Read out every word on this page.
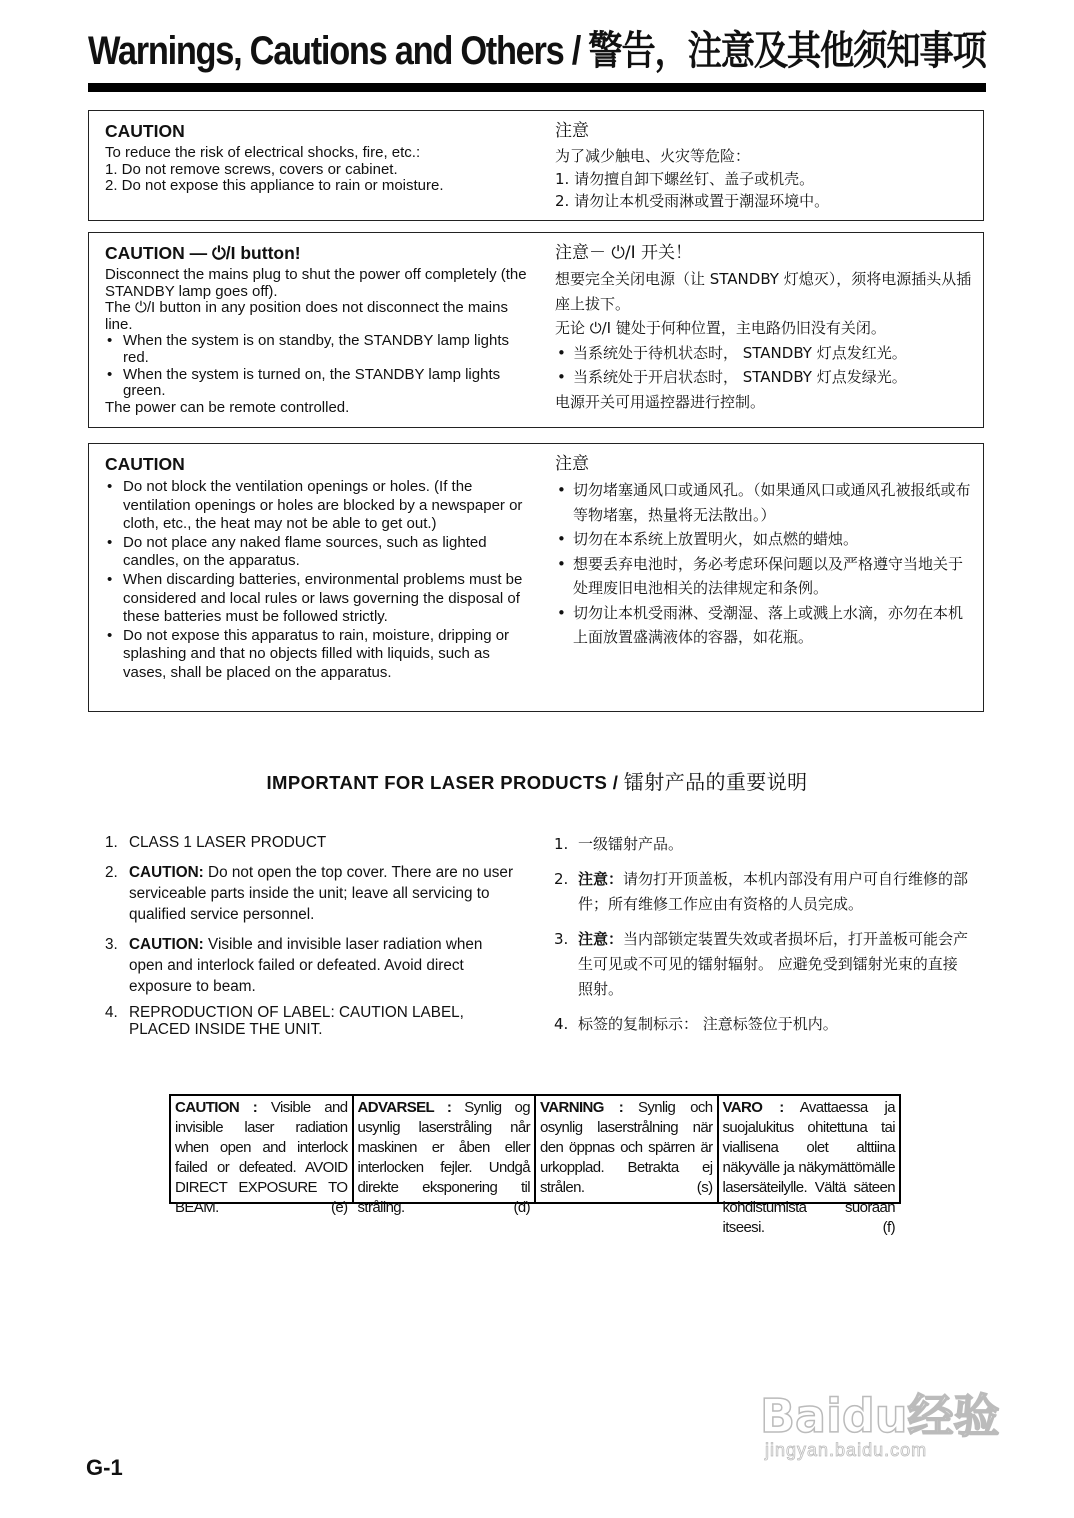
Warnings, Cautions and Others / 警告，注意及其他须知事项
CAUTION

To reduce the risk of electrical shocks, fire, etc.:

1. Do not remove screws, covers or cabinet.

2. Do not expose this appliance to rain or moisture.

注意

为了减少触电、火灾等危险：

1. 请勿擅自卸下螺丝钉、盖子或机壳。

2. 请勿让本机受雨淋或置于潮湿环境中。

CAUTION — ⏻/I button!

Disconnect the mains plug to shut the power off completely (the STANDBY lamp goes off).

The ⏻/I button in any position does not disconnect the mains line.

• When the system is on standby, the STANDBY lamp lights red.
• When the system is turned on, the STANDBY lamp lights green.

The power can be remote controlled.

注意－ ⏻/I 开关！

想要完全关闭电源（让 STANDBY 灯熄灭），须将电源插头从插座上拔下。

无论 ⏻/I 键处于何种位置，主电路仍旧没有关闭。

• 当系统处于待机状态时， STANDBY 灯点发红光。
• 当系统处于开启状态时， STANDBY 灯点发绿光。

电源开关可用遥控器进行控制。

CAUTION
• Do not block the ventilation openings or holes. (If the ventilation openings or holes are blocked by a newspaper or cloth, etc., the heat may not be able to get out.)
• Do not place any naked flame sources, such as lighted candles, on the apparatus.
• When discarding batteries, environmental problems must be considered and local rules or laws governing the disposal of these batteries must be followed strictly.
• Do not expose this apparatus to rain, moisture, dripping or splashing and that no objects filled with liquids, such as vases, shall be placed on the apparatus.
注意
• 切勿堵塞通风口或通风孔。（如果通风口或通风孔被报纸或布等物堵塞，热量将无法散出。）
• 切勿在本系统上放置明火，如点燃的蜡烛。
• 想要丢弃电池时，务必考虑环保问题以及严格遵守当地关于处理废旧电池相关的法律规定和条例。
• 切勿让本机受雨淋、受潮湿、落上或溅上水滴，亦勿在本机上面放置盛满液体的容器，如花瓶。
IMPORTANT FOR LASER PRODUCTS / 镭射产品的重要说明
1. CLASS 1 LASER PRODUCT
2. CAUTION: Do not open the top cover. There are no user serviceable parts inside the unit; leave all servicing to qualified service personnel.
3. CAUTION: Visible and invisible laser radiation when open and interlock failed or defeated. Avoid direct exposure to beam.
4. REPRODUCTION OF LABEL: CAUTION LABEL, PLACED INSIDE THE UNIT.
1. 一级镭射产品。
2. 注意：请勿打开顶盖板，本机内部没有用户可自行维修的部件；所有维修工作应由有资格的人员完成。
3. 注意：当内部锁定装置失效或者损坏后，打开盖板可能会产生可见或不可见的镭射辐射。 应避免受到镭射光束的直接照射。
4. 标签的复制标示： 注意标签位于机内。
CAUTION : Visible and invisible laser radiation when open and interlock failed or defeated. AVOID DIRECT EXPOSURE TO BEAM.	(e)
ADVARSEL : Synlig og usynlig laserstråling når maskinen er åben eller interlocken fejler. Undgå direkte eksponering til stråling.	(d)
VARNING : Synlig och osynlig laserstrålning när den öppnas och spärren är urkopplad. Betrakta ej strålen.	(s)
VARO : Avattaessa ja suojalukitus ohitettuna tai viallisena olet alttiina näkyvälle ja näkymättömälle lasersäteilylle. Vältä säteen kohdistumista suoraan itseesi.	(f)
Baidu经验
jingyan.baidu.com
G-1
